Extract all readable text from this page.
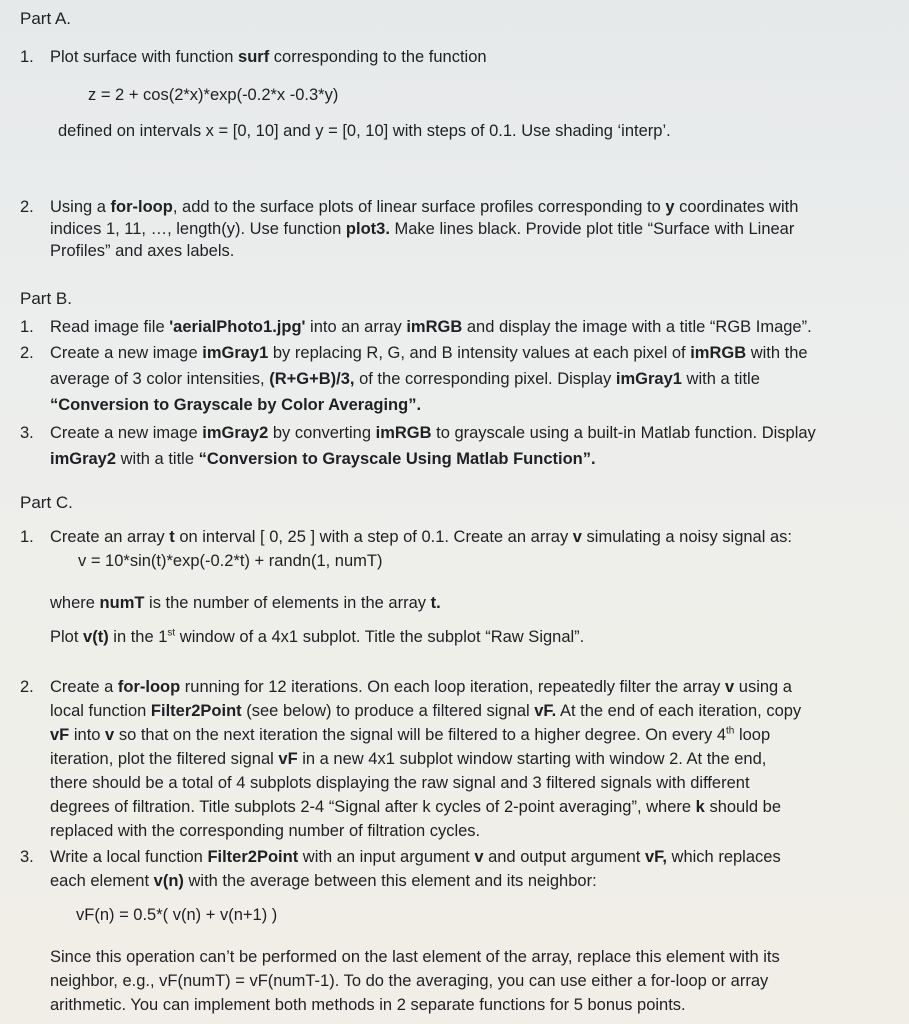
Part A.
1. Plot surface with function surf corresponding to the function
z = 2 + cos(2*x)*exp(-0.2*x -0.3*y)
defined on intervals x = [0, 10] and y = [0, 10] with steps of 0.1. Use shading ‘interp’.
2. Using a for-loop, add to the surface plots of linear surface profiles corresponding to y coordinates with
indices 1, 11, …, length(y). Use function plot3. Make lines black. Provide plot title “Surface with Linear
Profiles” and axes labels.
Part B.
1. Read image file 'aerialPhoto1.jpg' into an array imRGB and display the image with a title “RGB Image”.
2. Create a new image imGray1 by replacing R, G, and B intensity values at each pixel of imRGB with the
average of 3 color intensities, (R+G+B)/3, of the corresponding pixel. Display imGray1 with a title
“Conversion to Grayscale by Color Averaging”.
3. Create a new image imGray2 by converting imRGB to grayscale using a built-in Matlab function. Display
imGray2 with a title “Conversion to Grayscale Using Matlab Function”.
Part C.
1. Create an array t on interval [ 0, 25 ] with a step of 0.1. Create an array v simulating a noisy signal as:
v = 10*sin(t)*exp(-0.2*t) + randn(1, numT)
where numT is the number of elements in the array t.
Plot v(t) in the 1st window of a 4x1 subplot. Title the subplot “Raw Signal”.
2. Create a for-loop running for 12 iterations. On each loop iteration, repeatedly filter the array v using a
local function Filter2Point (see below) to produce a filtered signal vF. At the end of each iteration, copy
vF into v so that on the next iteration the signal will be filtered to a higher degree. On every 4th loop
iteration, plot the filtered signal vF in a new 4x1 subplot window starting with window 2. At the end,
there should be a total of 4 subplots displaying the raw signal and 3 filtered signals with different
degrees of filtration. Title subplots 2-4 “Signal after k cycles of 2-point averaging”, where k should be
replaced with the corresponding number of filtration cycles.
3. Write a local function Filter2Point with an input argument v and output argument vF, which replaces
each element v(n) with the average between this element and its neighbor:
vF(n) = 0.5*( v(n) + v(n+1) )
Since this operation can’t be performed on the last element of the array, replace this element with its
neighbor, e.g., vF(numT) = vF(numT-1). To do the averaging, you can use either a for-loop or array
arithmetic. You can implement both methods in 2 separate functions for 5 bonus points.
